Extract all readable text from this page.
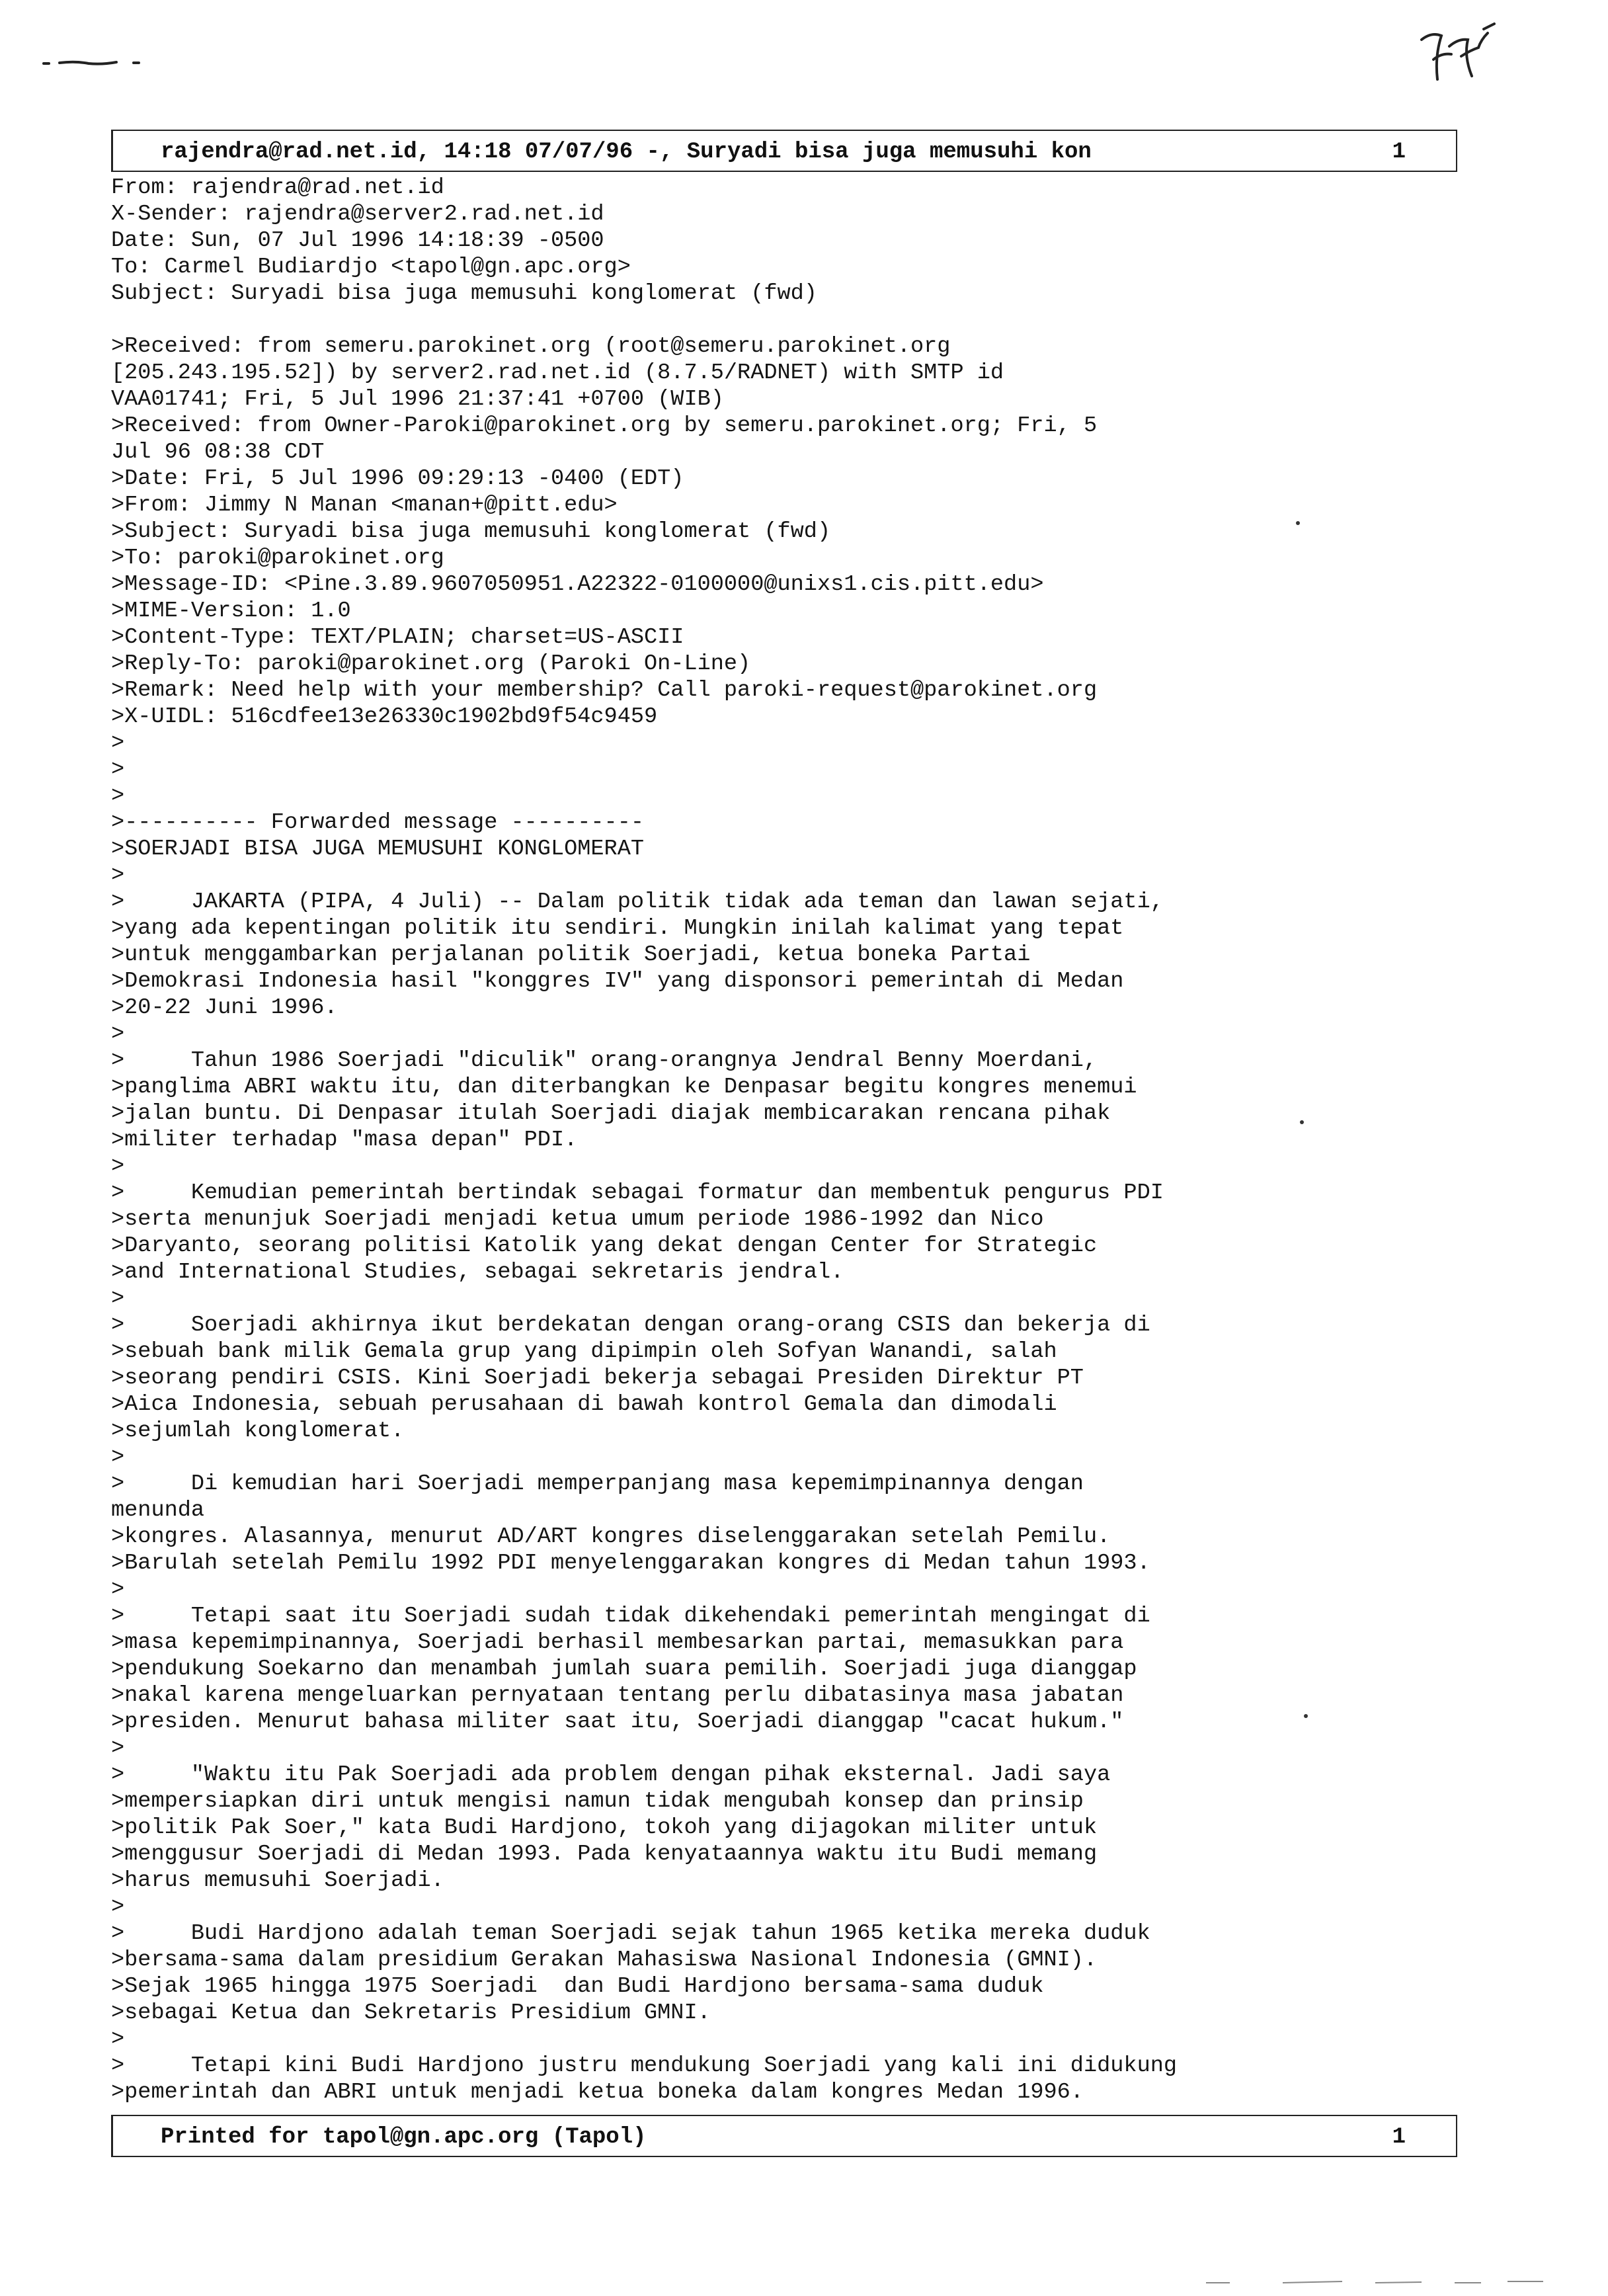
rajendra@rad.net.id, 14:18 07/07/96 -, Suryadi bisa juga memusuhi kon	1
From: rajendra@rad.net.id
X-Sender: rajendra@server2.rad.net.id
Date: Sun, 07 Jul 1996 14:18:39 -0500
To: Carmel Budiardjo <tapol@gn.apc.org>
Subject: Suryadi bisa juga memusuhi konglomerat (fwd)
>Received: from semeru.parokinet.org (root@semeru.parokinet.org
[205.243.195.52]) by server2.rad.net.id (8.7.5/RADNET) with SMTP id
VAA01741; Fri, 5 Jul 1996 21:37:41 +0700 (WIB)
>Received: from Owner-Paroki@parokinet.org by semeru.parokinet.org; Fri, 5
Jul 96 08:38 CDT
>Date: Fri, 5 Jul 1996 09:29:13 -0400 (EDT)
>From: Jimmy N Manan <manan+@pitt.edu>
>Subject: Suryadi bisa juga memusuhi konglomerat (fwd)
>To: paroki@parokinet.org
>Message-ID: <Pine.3.89.9607050951.A22322-0100000@unixs1.cis.pitt.edu>
>MIME-Version: 1.0
>Content-Type: TEXT/PLAIN; charset=US-ASCII
>Reply-To: paroki@parokinet.org (Paroki On-Line)
>Remark: Need help with your membership? Call paroki-request@parokinet.org
>X-UIDL: 516cdfee13e26330c1902bd9f54c9459
>
>
>
>---------- Forwarded message ----------
>SOERJADI BISA JUGA MEMUSUHI KONGLOMERAT
>
>     JAKARTA (PIPA, 4 Juli) -- Dalam politik tidak ada teman dan lawan sejati,
>yang ada kepentingan politik itu sendiri. Mungkin inilah kalimat yang tepat
>untuk menggambarkan perjalanan politik Soerjadi, ketua boneka Partai
>Demokrasi Indonesia hasil "konggres IV" yang disponsori pemerintah di Medan
>20-22 Juni 1996.
>
>     Tahun 1986 Soerjadi "diculik" orang-orangnya Jendral Benny Moerdani,
>panglima ABRI waktu itu, dan diterbangkan ke Denpasar begitu kongres menemui
>jalan buntu. Di Denpasar itulah Soerjadi diajak membicarakan rencana pihak
>militer terhadap "masa depan" PDI.
>
>     Kemudian pemerintah bertindak sebagai formatur dan membentuk pengurus PDI
>serta menunjuk Soerjadi menjadi ketua umum periode 1986-1992 dan Nico
>Daryanto, seorang politisi Katolik yang dekat dengan Center for Strategic
>and International Studies, sebagai sekretaris jendral.
>
>     Soerjadi akhirnya ikut berdekatan dengan orang-orang CSIS dan bekerja di
>sebuah bank milik Gemala grup yang dipimpin oleh Sofyan Wanandi, salah
>seorang pendiri CSIS. Kini Soerjadi bekerja sebagai Presiden Direktur PT
>Aica Indonesia, sebuah perusahaan di bawah kontrol Gemala dan dimodali
>sejumlah konglomerat.
>
>     Di kemudian hari Soerjadi memperpanjang masa kepemimpinannya dengan
menunda
>kongres. Alasannya, menurut AD/ART kongres diselenggarakan setelah Pemilu.
>Barulah setelah Pemilu 1992 PDI menyelenggarakan kongres di Medan tahun 1993.
>
>     Tetapi saat itu Soerjadi sudah tidak dikehendaki pemerintah mengingat di
>masa kepemimpinannya, Soerjadi berhasil membesarkan partai, memasukkan para
>pendukung Soekarno dan menambah jumlah suara pemilih. Soerjadi juga dianggap
>nakal karena mengeluarkan pernyataan tentang perlu dibatasinya masa jabatan
>presiden. Menurut bahasa militer saat itu, Soerjadi dianggap "cacat hukum."
>
>     "Waktu itu Pak Soerjadi ada problem dengan pihak eksternal. Jadi saya
>mempersiapkan diri untuk mengisi namun tidak mengubah konsep dan prinsip
>politik Pak Soer," kata Budi Hardjono, tokoh yang dijagokan militer untuk
>menggusur Soerjadi di Medan 1993. Pada kenyataannya waktu itu Budi memang
>harus memusuhi Soerjadi.
>
>     Budi Hardjono adalah teman Soerjadi sejak tahun 1965 ketika mereka duduk
>bersama-sama dalam presidium Gerakan Mahasiswa Nasional Indonesia (GMNI).
>Sejak 1965 hingga 1975 Soerjadi  dan Budi Hardjono bersama-sama duduk
>sebagai Ketua dan Sekretaris Presidium GMNI.
>
>     Tetapi kini Budi Hardjono justru mendukung Soerjadi yang kali ini didukung
>pemerintah dan ABRI untuk menjadi ketua boneka dalam kongres Medan 1996.
Printed for tapol@gn.apc.org (Tapol)	1
